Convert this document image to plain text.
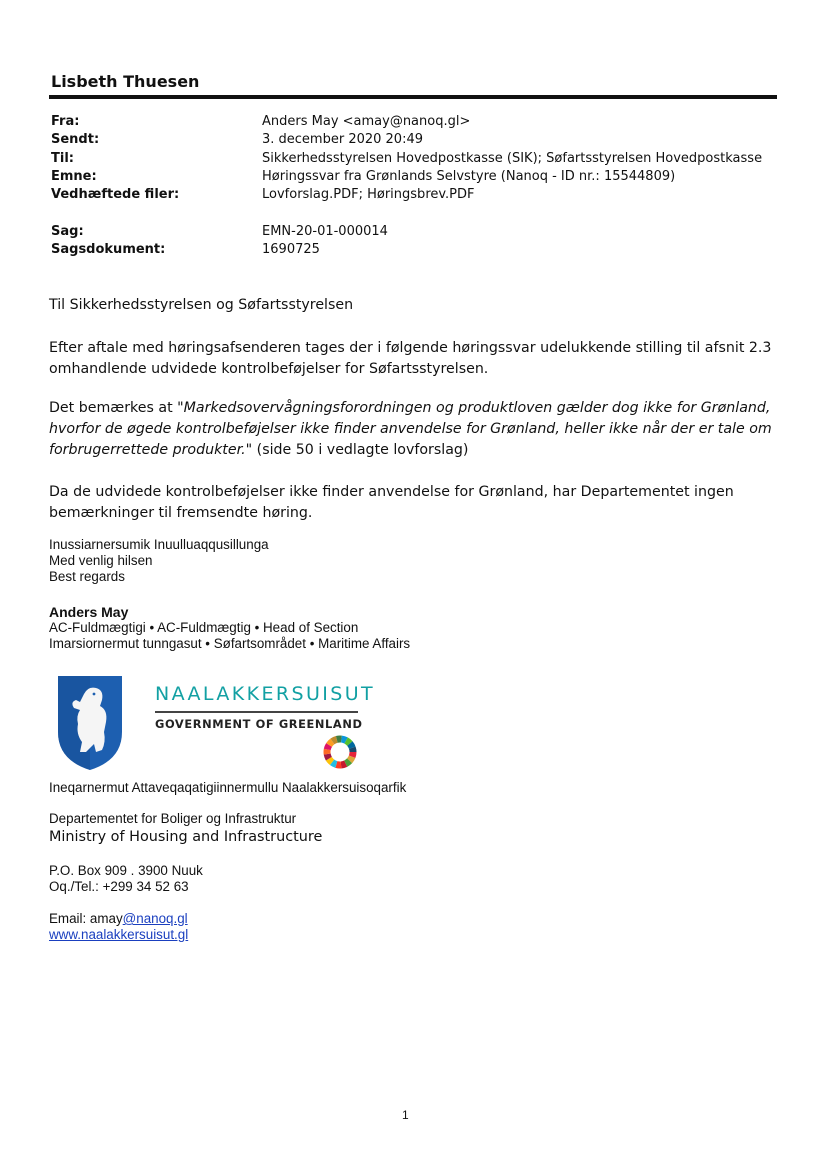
Lisbeth Thuesen
Fra:	Anders May <amay@nanoq.gl>
Sendt:	3. december 2020 20:49
Til:	Sikkerhedsstyrelsen Hovedpostkasse (SIK); Søfartsstyrelsen Hovedpostkasse
Emne:	Høringssvar fra Grønlands Selvstyre (Nanoq - ID nr.: 15544809)
Vedhæftede filer:	Lovforslag.PDF; Høringsbrev.PDF
Sag:	EMN-20-01-000014
Sagsdokument:	1690725
Til Sikkerhedsstyrelsen og Søfartsstyrelsen
Efter aftale med høringsafsenderen tages der i følgende høringssvar udelukkende stilling til afsnit 2.3 omhandlende udvidede kontrolbeføjelser for Søfartsstyrelsen.
Det bemærkes at "Markedsovervågningsforordningen og produktloven gælder dog ikke for Grønland, hvorfor de øgede kontrolbeføjelser ikke finder anvendelse for Grønland, heller ikke når der er tale om forbrugerrettede produkter." (side 50 i vedlagte lovforslag)
Da de udvidede kontrolbeføjelser ikke finder anvendelse for Grønland, har Departementet ingen bemærkninger til fremsendte høring.
Inussiarnersumik Inuulluaqqusillunga
Med venlig hilsen
Best regards
Anders May
AC-Fuldmægtigi • AC-Fuldmægtig • Head of Section
Imarsiornermut tunngasut • Søfartsområdet • Maritime Affairs
NAALAKKERSUISUT
GOVERNMENT OF GREENLAND
Ineqarnermut Attaveqaqatigiinnermullu Naalakkersuisoqarfik
Departementet for Boliger og Infrastruktur
Ministry of Housing and Infrastructure
P.O. Box 909 . 3900 Nuuk
Oq./Tel.: +299 34 52 63
Email: amay@nanoq.gl
www.naalakkersuisut.gl
1
